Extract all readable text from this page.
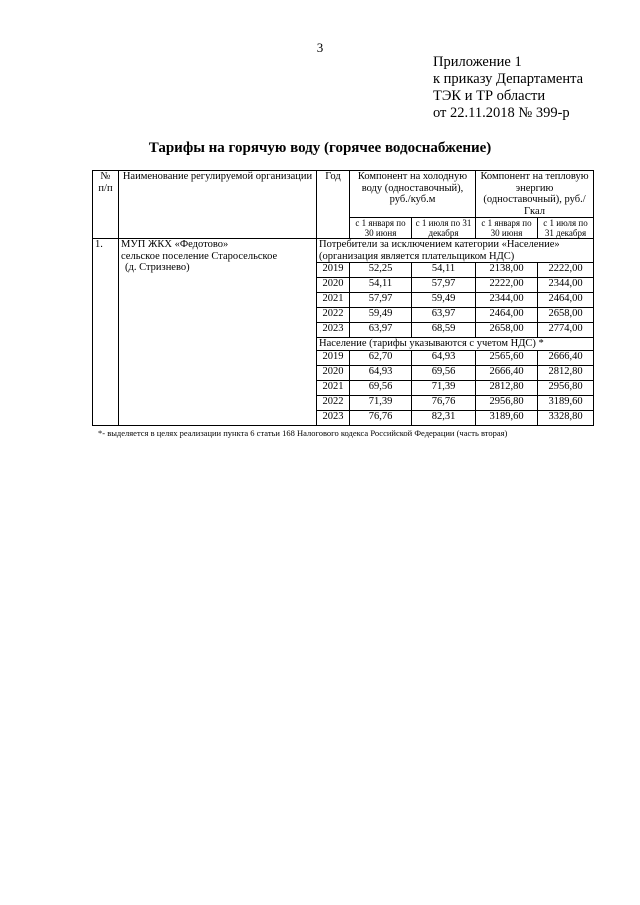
3
Приложение 1
к приказу Департамента
ТЭК и ТР области
от 22.11.2018 № 399-р
Тарифы на горячую воду (горячее водоснабжение)
№ п/п	Наименование регулируемой организации	Год	Компонент на холодную воду (одноставочный), руб./куб.м		Компонент на тепловую энергию (одноставочный), руб./Гкал	
			с 1 января по 30 июня	с 1 июля по 31 декабря	с 1 января по 30 июня	с 1 июля по 31 декабря
1.	МУП ЖКХ «Федотово»
сельское поселение Старосельское
(д. Стризнево)	Потребители за исключением категории «Население» (организация является плательщиком НДС)				
		2019	52,25	54,11	2138,00	2222,00
		2020	54,11	57,97	2222,00	2344,00
		2021	57,97	59,49	2344,00	2464,00
		2022	59,49	63,97	2464,00	2658,00
		2023	63,97	68,59	2658,00	2774,00
		Население (тарифы указываются с учетом НДС) *				
		2019	62,70	64,93	2565,60	2666,40
		2020	64,93	69,56	2666,40	2812,80
		2021	69,56	71,39	2812,80	2956,80
		2022	71,39	76,76	2956,80	3189,60
		2023	76,76	82,31	3189,60	3328,80
*- выделяется в целях реализации пункта 6 статьи 168 Налогового кодекса Российской Федерации (часть вторая)
